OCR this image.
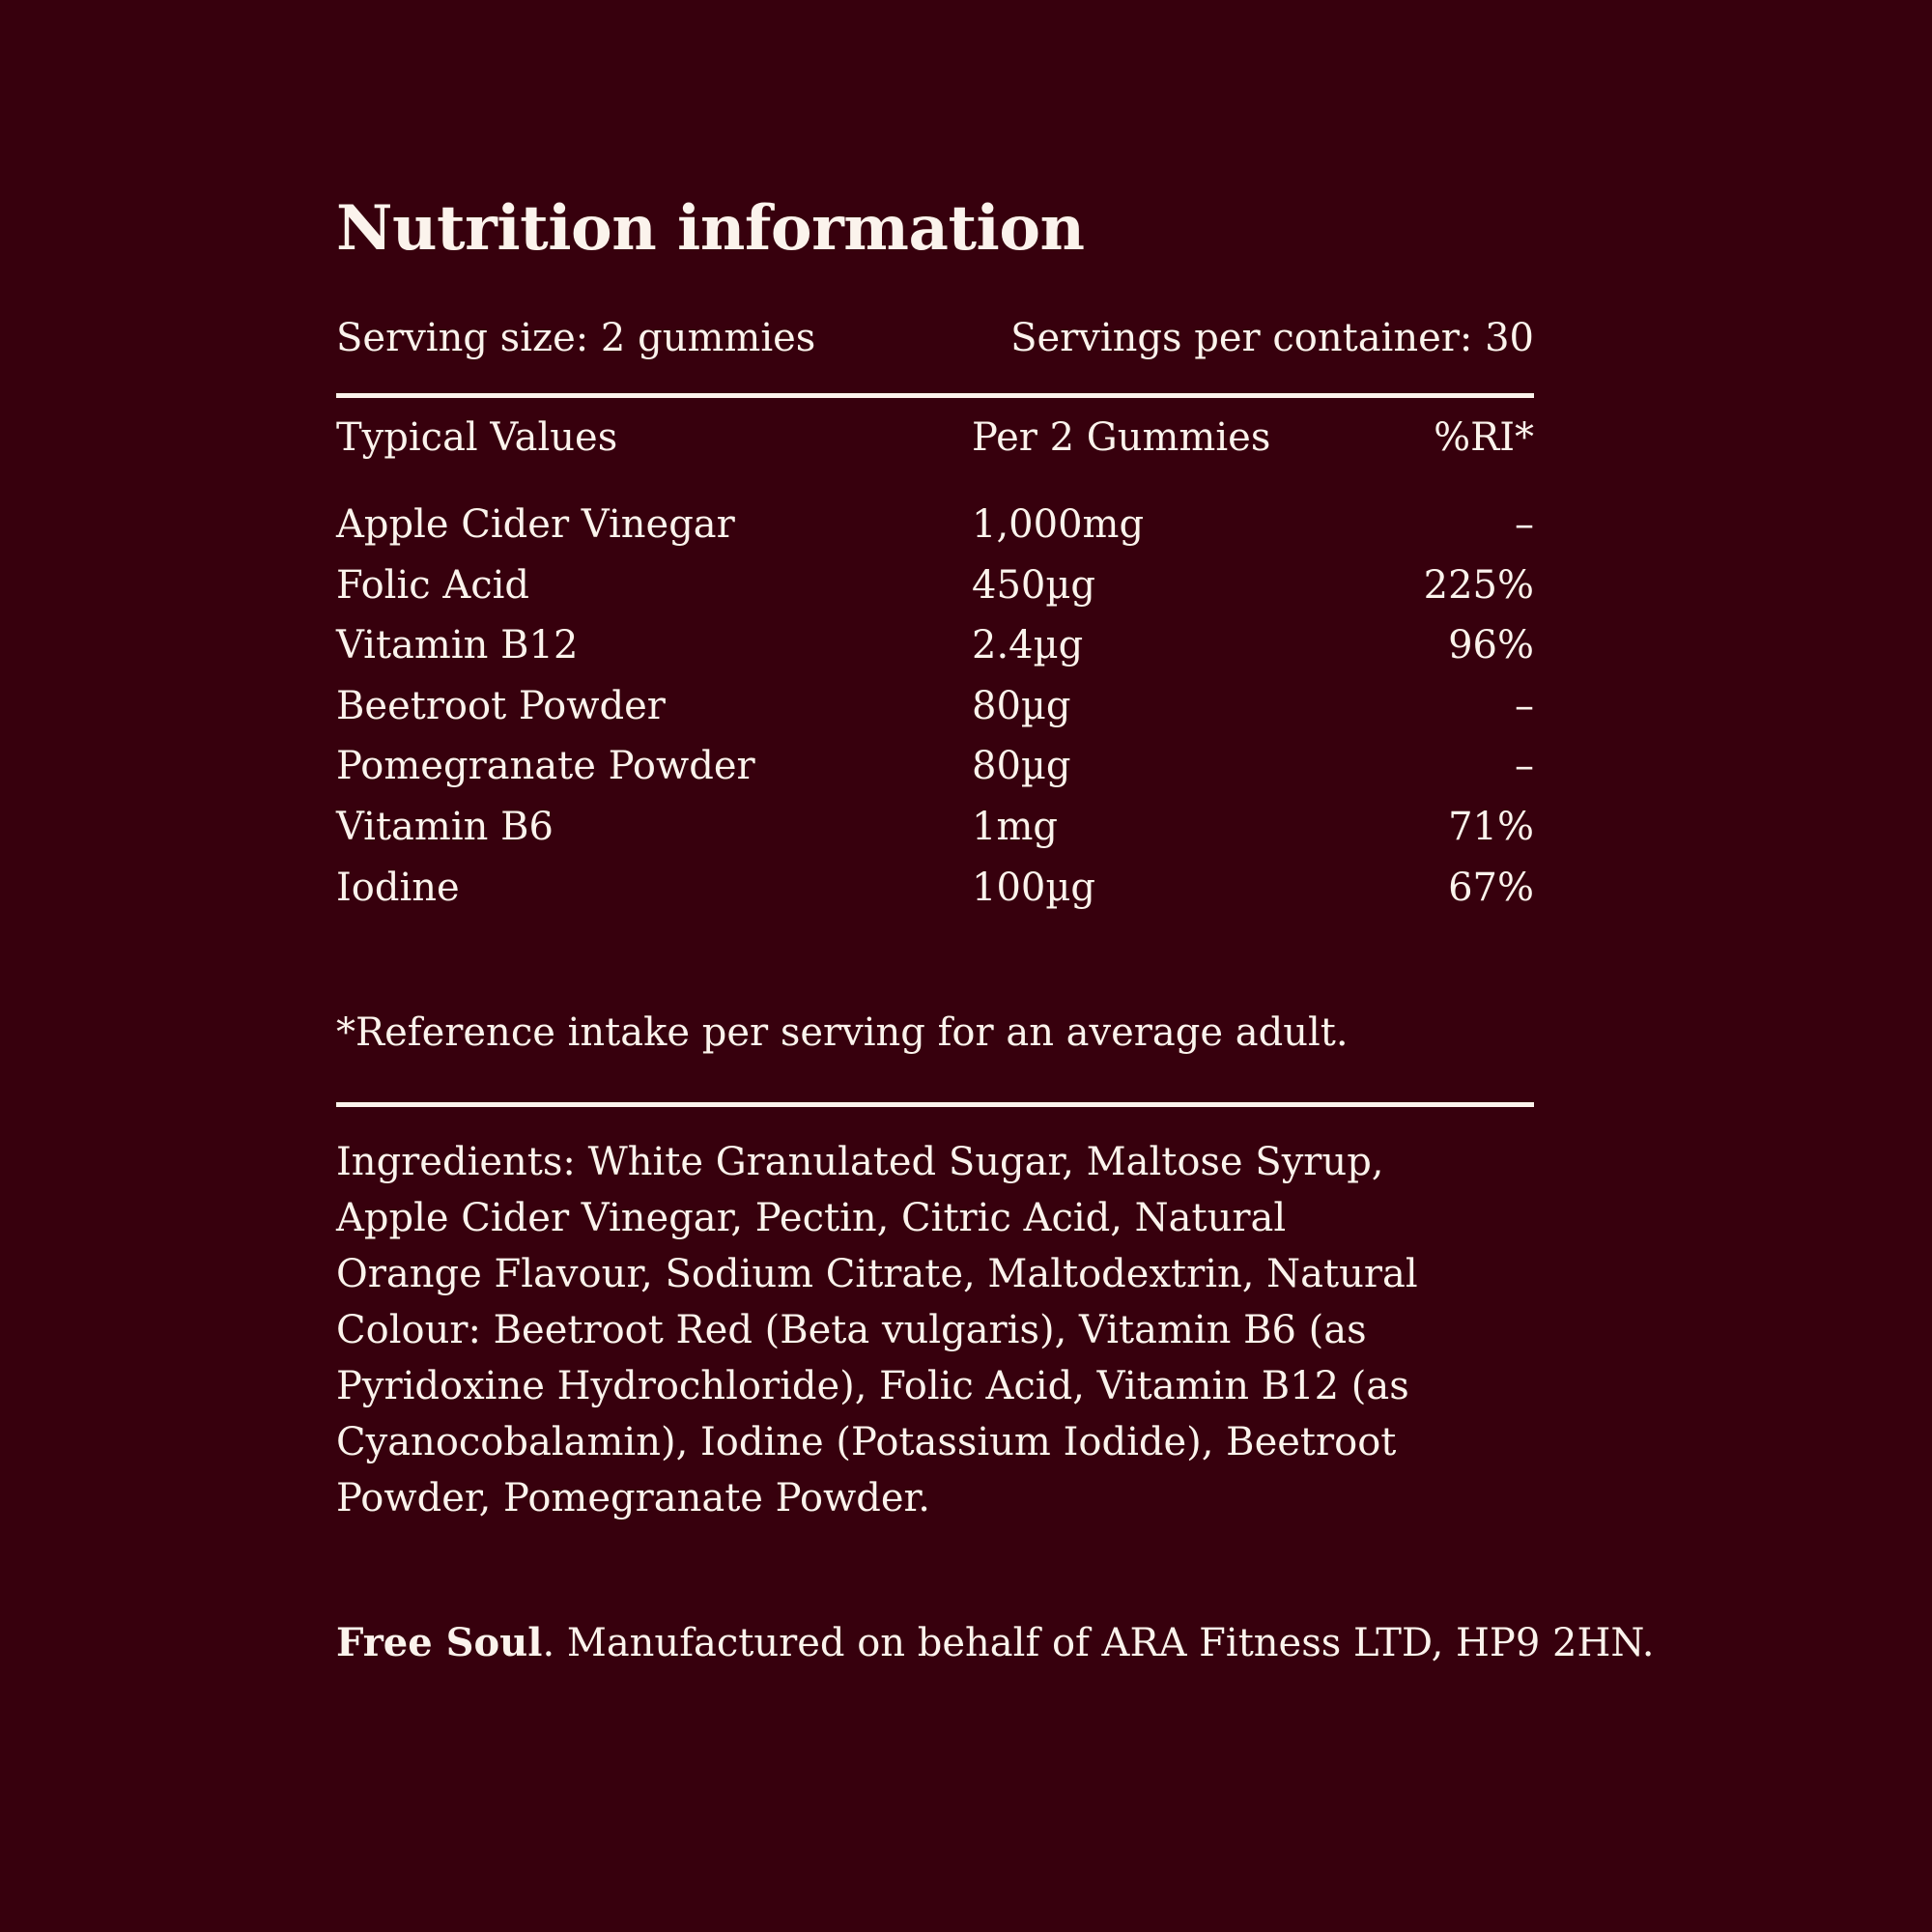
Nutrition information
Serving size: 2 gummies	Servings per container: 30
Typical Values	Per 2 Gummies	%RI*
Apple Cider Vinegar	1,000mg	–
Folic Acid	450µg	225%
Vitamin B12	2.4µg	96%
Beetroot Powder	80µg	–
Pomegranate Powder	80µg	–
Vitamin B6	1mg	71%
Iodine	100µg	67%
*Reference intake per serving for an average adult.
Ingredients: White Granulated Sugar, Maltose Syrup,
Apple Cider Vinegar, Pectin, Citric Acid, Natural
Orange Flavour, Sodium Citrate, Maltodextrin, Natural
Colour: Beetroot Red (Beta vulgaris), Vitamin B6 (as
Pyridoxine Hydrochloride), Folic Acid, Vitamin B12 (as
Cyanocobalamin), Iodine (Potassium Iodide), Beetroot
Powder, Pomegranate Powder.
Free Soul. Manufactured on behalf of ARA Fitness LTD, HP9 2HN.
